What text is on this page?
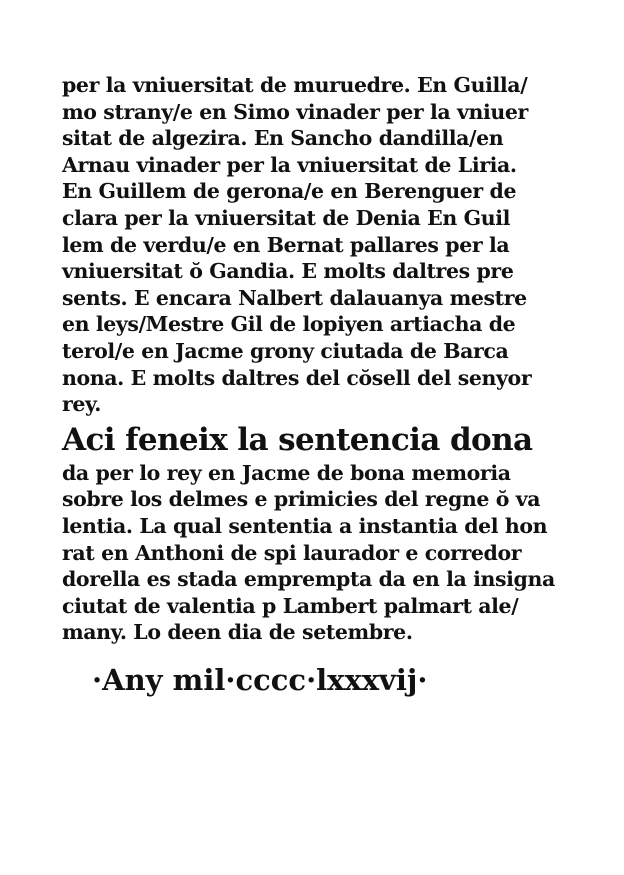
per la vniuersitat de muruedre. En Guilla/
mo strany/e en Simo vinader per la vniuer
sitat de algezira. En Sancho dandilla/en
Arnau vinader per la vniuersitat de Liria.
En Guillem de gerona/e en Berenguer de
clara per la vniuersitat de Denia En Guil
lem de verdu/e en Bernat pallares per la
vniuersitat ŏ Gandia. E molts daltres pre
sents. E encara Nalbert dalauanya mestre
en leys/Mestre Gil de lopiyen artiacha de
terol/e en Jacme grony ciutada de Barca
nona. E molts daltres del cŏsell del senyor
rey.
Aci feneix la sentencia dona
da per lo rey en Jacme de bona memoria
sobre los delmes e primicies del regne ŏ va
lentia. La qual sententia a instantia del hon
rat en Anthoni de spi laurador e corredor
dorella es stada emprempta da en la insigna
ciutat de valentia p Lambert palmart ale/
many. Lo deen dia de setembre.
·Any mil·cccc·lxxxvij·
